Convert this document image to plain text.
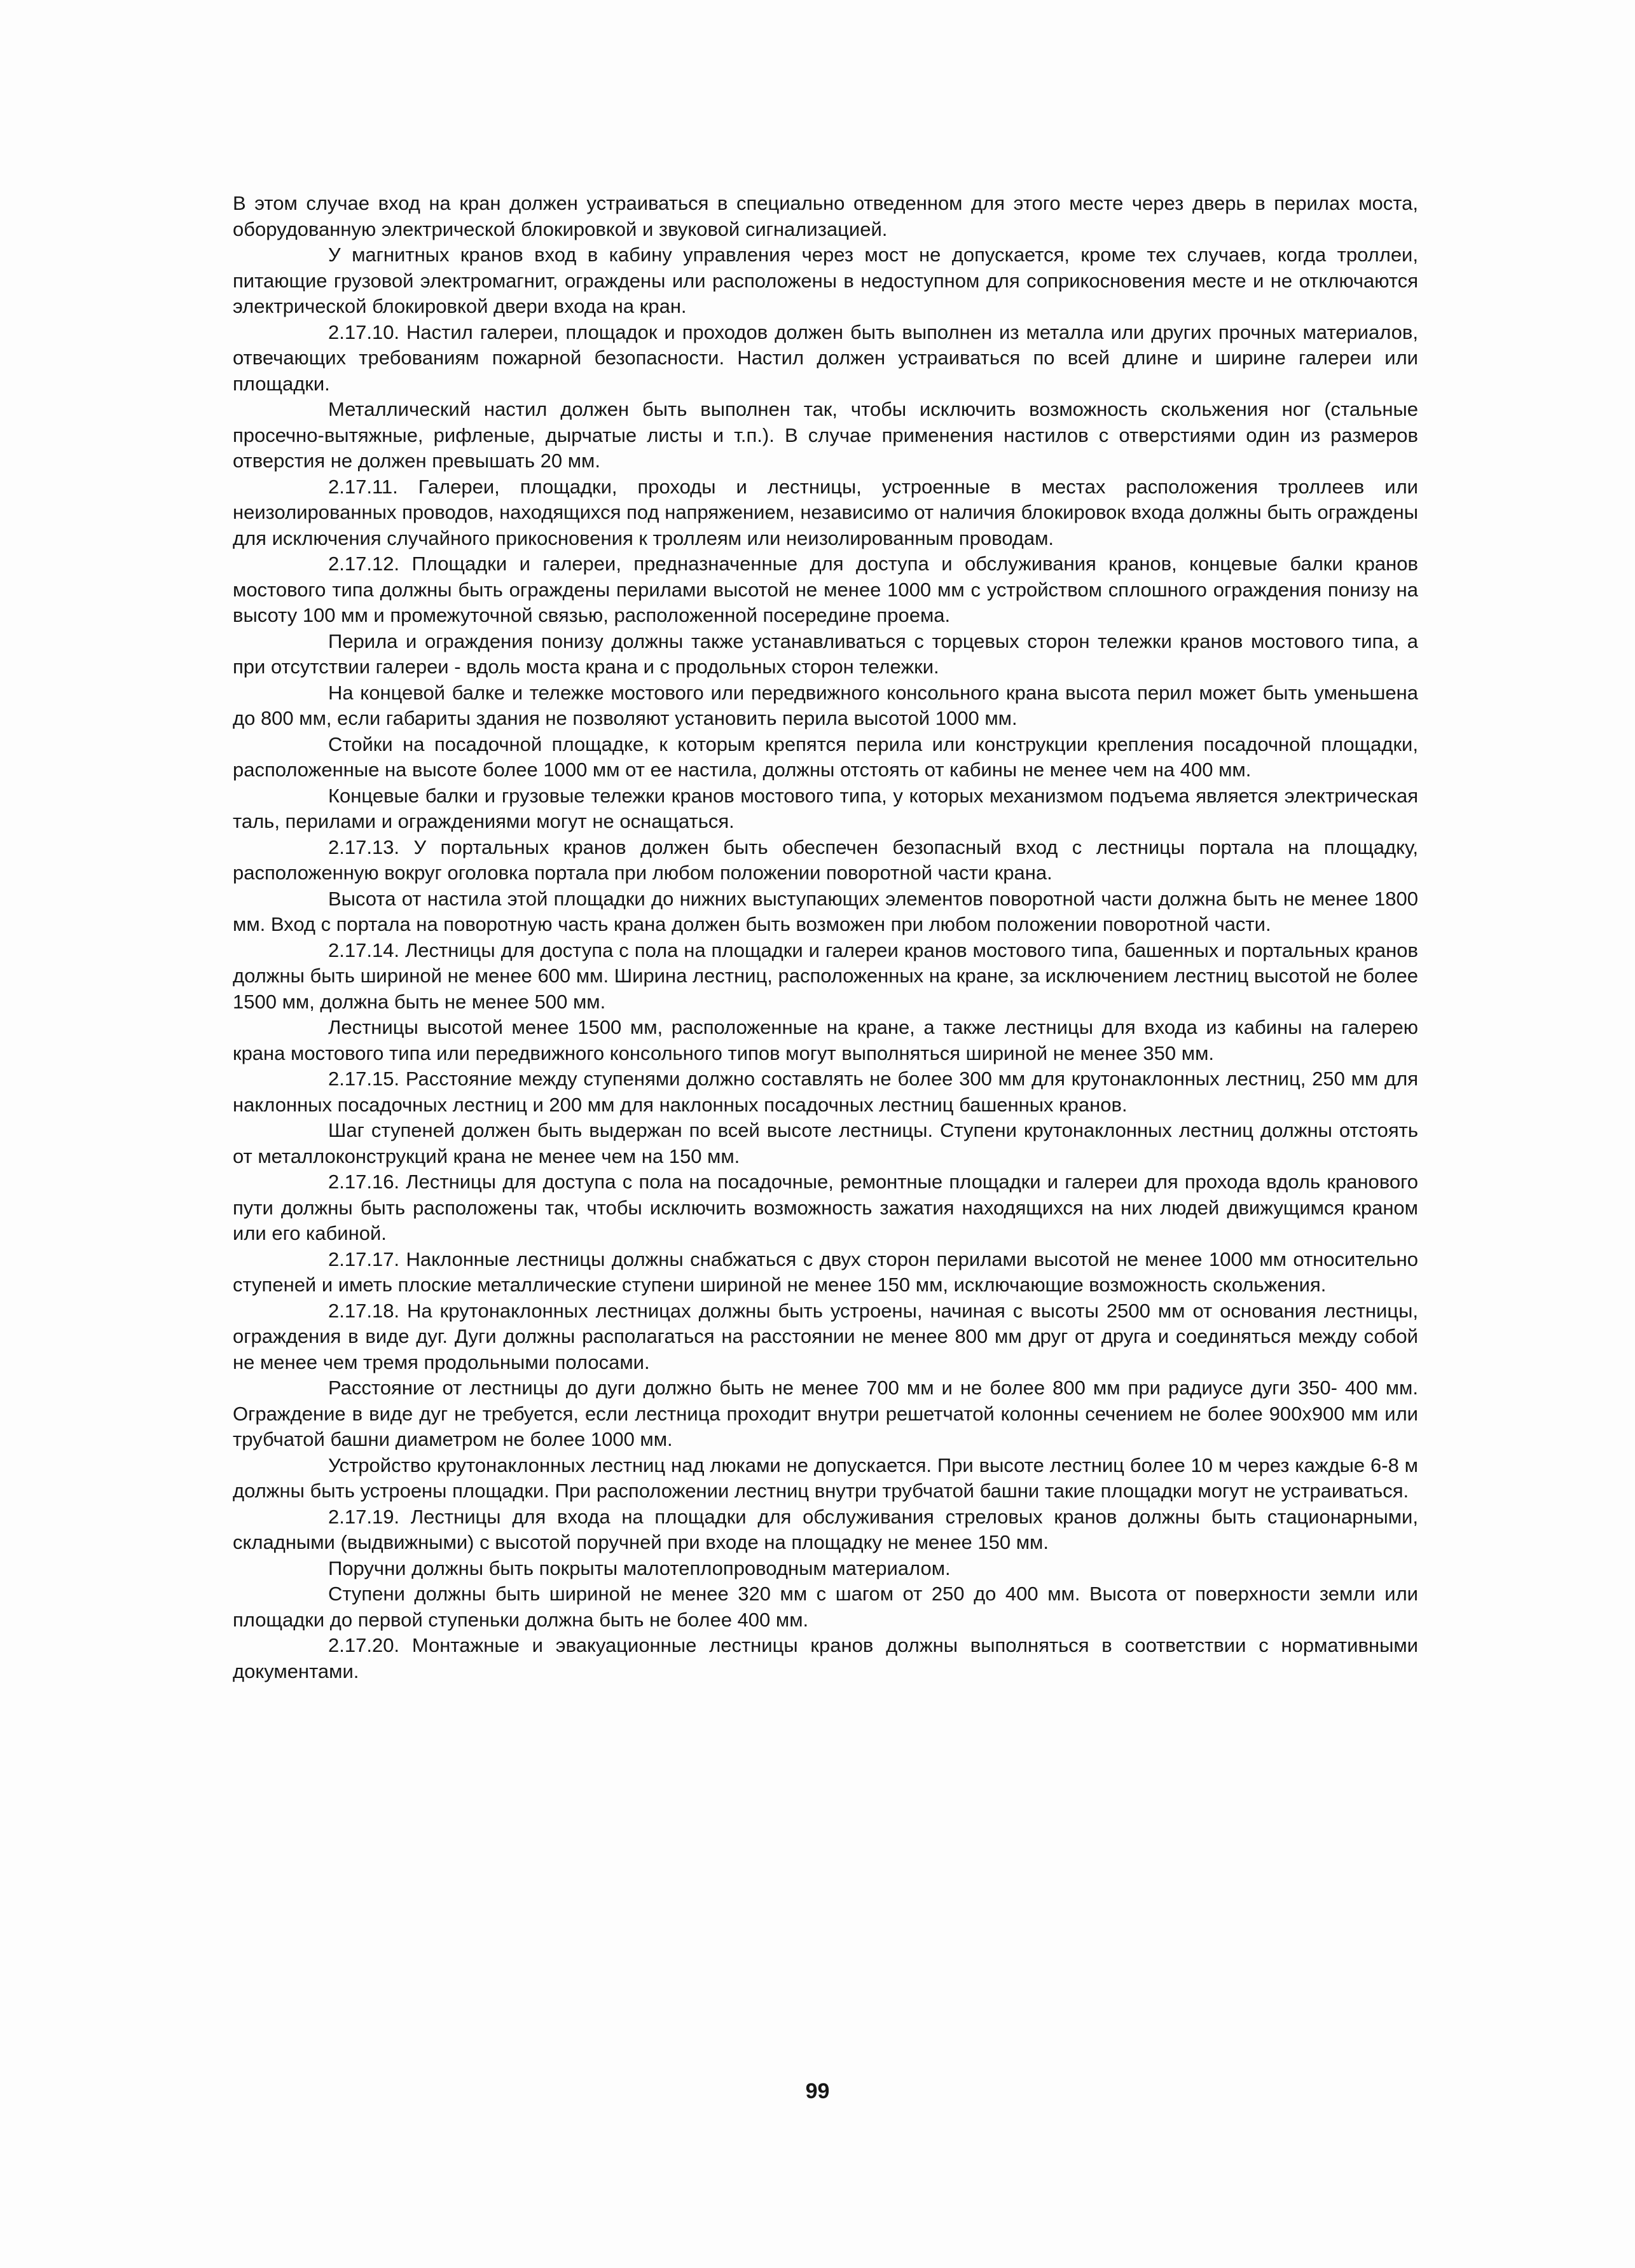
В этом случае вход на кран должен устраиваться в специально отведенном для этого месте через дверь в перилах моста, оборудованную электрической блокировкой и звуковой сигнализацией.

У магнитных кранов вход в кабину управления через мост не допускается, кроме тех случаев, когда троллеи, питающие грузовой электромагнит, ограждены или расположены в недоступном для соприкосновения месте и не отключаются электрической блокировкой двери входа на кран.

2.17.10. Настил галереи, площадок и проходов должен быть выполнен из металла или других прочных материалов, отвечающих требованиям пожарной безопасности. Настил должен устраиваться по всей длине и ширине галереи или площадки.

Металлический настил должен быть выполнен так, чтобы исключить возможность скольжения ног (стальные просечно-вытяжные, рифленые, дырчатые листы и т.п.). В случае применения настилов с отверстиями один из размеров отверстия не должен превышать 20 мм.

2.17.11. Галереи, площадки, проходы и лестницы, устроенные в местах расположения троллеев или неизолированных проводов, находящихся под напряжением, независимо от наличия блокировок входа должны быть ограждены для исключения случайного прикосновения к троллеям или неизолированным проводам.

2.17.12. Площадки и галереи, предназначенные для доступа и обслуживания кранов, концевые балки кранов мостового типа должны быть ограждены перилами высотой не менее 1000 мм с устройством сплошного ограждения понизу на высоту 100 мм и промежуточной связью, расположенной посередине проема.

Перила и ограждения понизу должны также устанавливаться с торцевых сторон тележки кранов мостового типа, а при отсутствии галереи - вдоль моста крана и с продольных сторон тележки.

На концевой балке и тележке мостового или передвижного консольного крана высота перил может быть уменьшена до 800 мм, если габариты здания не позволяют установить перила высотой 1000 мм.

Стойки на посадочной площадке, к которым крепятся перила или конструкции крепления посадочной площадки, расположенные на высоте более 1000 мм от ее настила, должны отстоять от кабины не менее чем на 400 мм.

Концевые балки и грузовые тележки кранов мостового типа, у которых механизмом подъема является электрическая таль, перилами и ограждениями могут не оснащаться.

2.17.13. У портальных кранов должен быть обеспечен безопасный вход с лестницы портала на площадку, расположенную вокруг оголовка портала при любом положении поворотной части крана.

Высота от настила этой площадки до нижних выступающих элементов поворотной части должна быть не менее 1800 мм. Вход с портала на поворотную часть крана должен быть возможен при любом положении поворотной части.

2.17.14. Лестницы для доступа с пола на площадки и галереи кранов мостового типа, башенных и портальных кранов должны быть шириной не менее 600 мм. Ширина лестниц, расположенных на кране, за исключением лестниц высотой не более 1500 мм, должна быть не менее 500 мм.

Лестницы высотой менее 1500 мм, расположенные на кране, а также лестницы для входа из кабины на галерею крана мостового типа или передвижного консольного типов могут выполняться шириной не менее 350 мм.

2.17.15. Расстояние между ступенями должно составлять не более 300 мм для крутонаклонных лестниц, 250 мм для наклонных посадочных лестниц и 200 мм для наклонных посадочных лестниц башенных кранов.

Шаг ступеней должен быть выдержан по всей высоте лестницы. Ступени крутонаклонных лестниц должны отстоять от металлоконструкций крана не менее чем на 150 мм.

2.17.16. Лестницы для доступа с пола на посадочные, ремонтные площадки и галереи для прохода вдоль кранового пути должны быть расположены так, чтобы исключить возможность зажатия находящихся на них людей движущимся краном или его кабиной.

2.17.17. Наклонные лестницы должны снабжаться с двух сторон перилами высотой не менее 1000 мм относительно ступеней и иметь плоские металлические ступени шириной не менее 150 мм, исключающие возможность скольжения.

2.17.18. На крутонаклонных лестницах должны быть устроены, начиная с высоты 2500 мм от основания лестницы, ограждения в виде дуг. Дуги должны располагаться на расстоянии не менее 800 мм друг от друга и соединяться между собой не менее чем тремя продольными полосами.

Расстояние от лестницы до дуги должно быть не менее 700 мм и не более 800 мм при радиусе дуги 350- 400 мм. Ограждение в виде дуг не требуется, если лестница проходит внутри решетчатой колонны сечением не более 900х900 мм или трубчатой башни диаметром не более 1000 мм.

Устройство крутонаклонных лестниц над люками не допускается. При высоте лестниц более 10 м через каждые 6-8 м должны быть устроены площадки. При расположении лестниц внутри трубчатой башни такие площадки могут не устраиваться.

2.17.19. Лестницы для входа на площадки для обслуживания стреловых кранов должны быть стационарными, складными (выдвижными) с высотой поручней при входе на площадку не менее 150 мм.

Поручни должны быть покрыты малотеплопроводным материалом.

Ступени должны быть шириной не менее 320 мм с шагом от 250 до 400 мм. Высота от поверхности земли или площадки до первой ступеньки должна быть не более 400 мм.

2.17.20. Монтажные и эвакуационные лестницы кранов должны выполняться в соответствии с нормативными документами.

99
